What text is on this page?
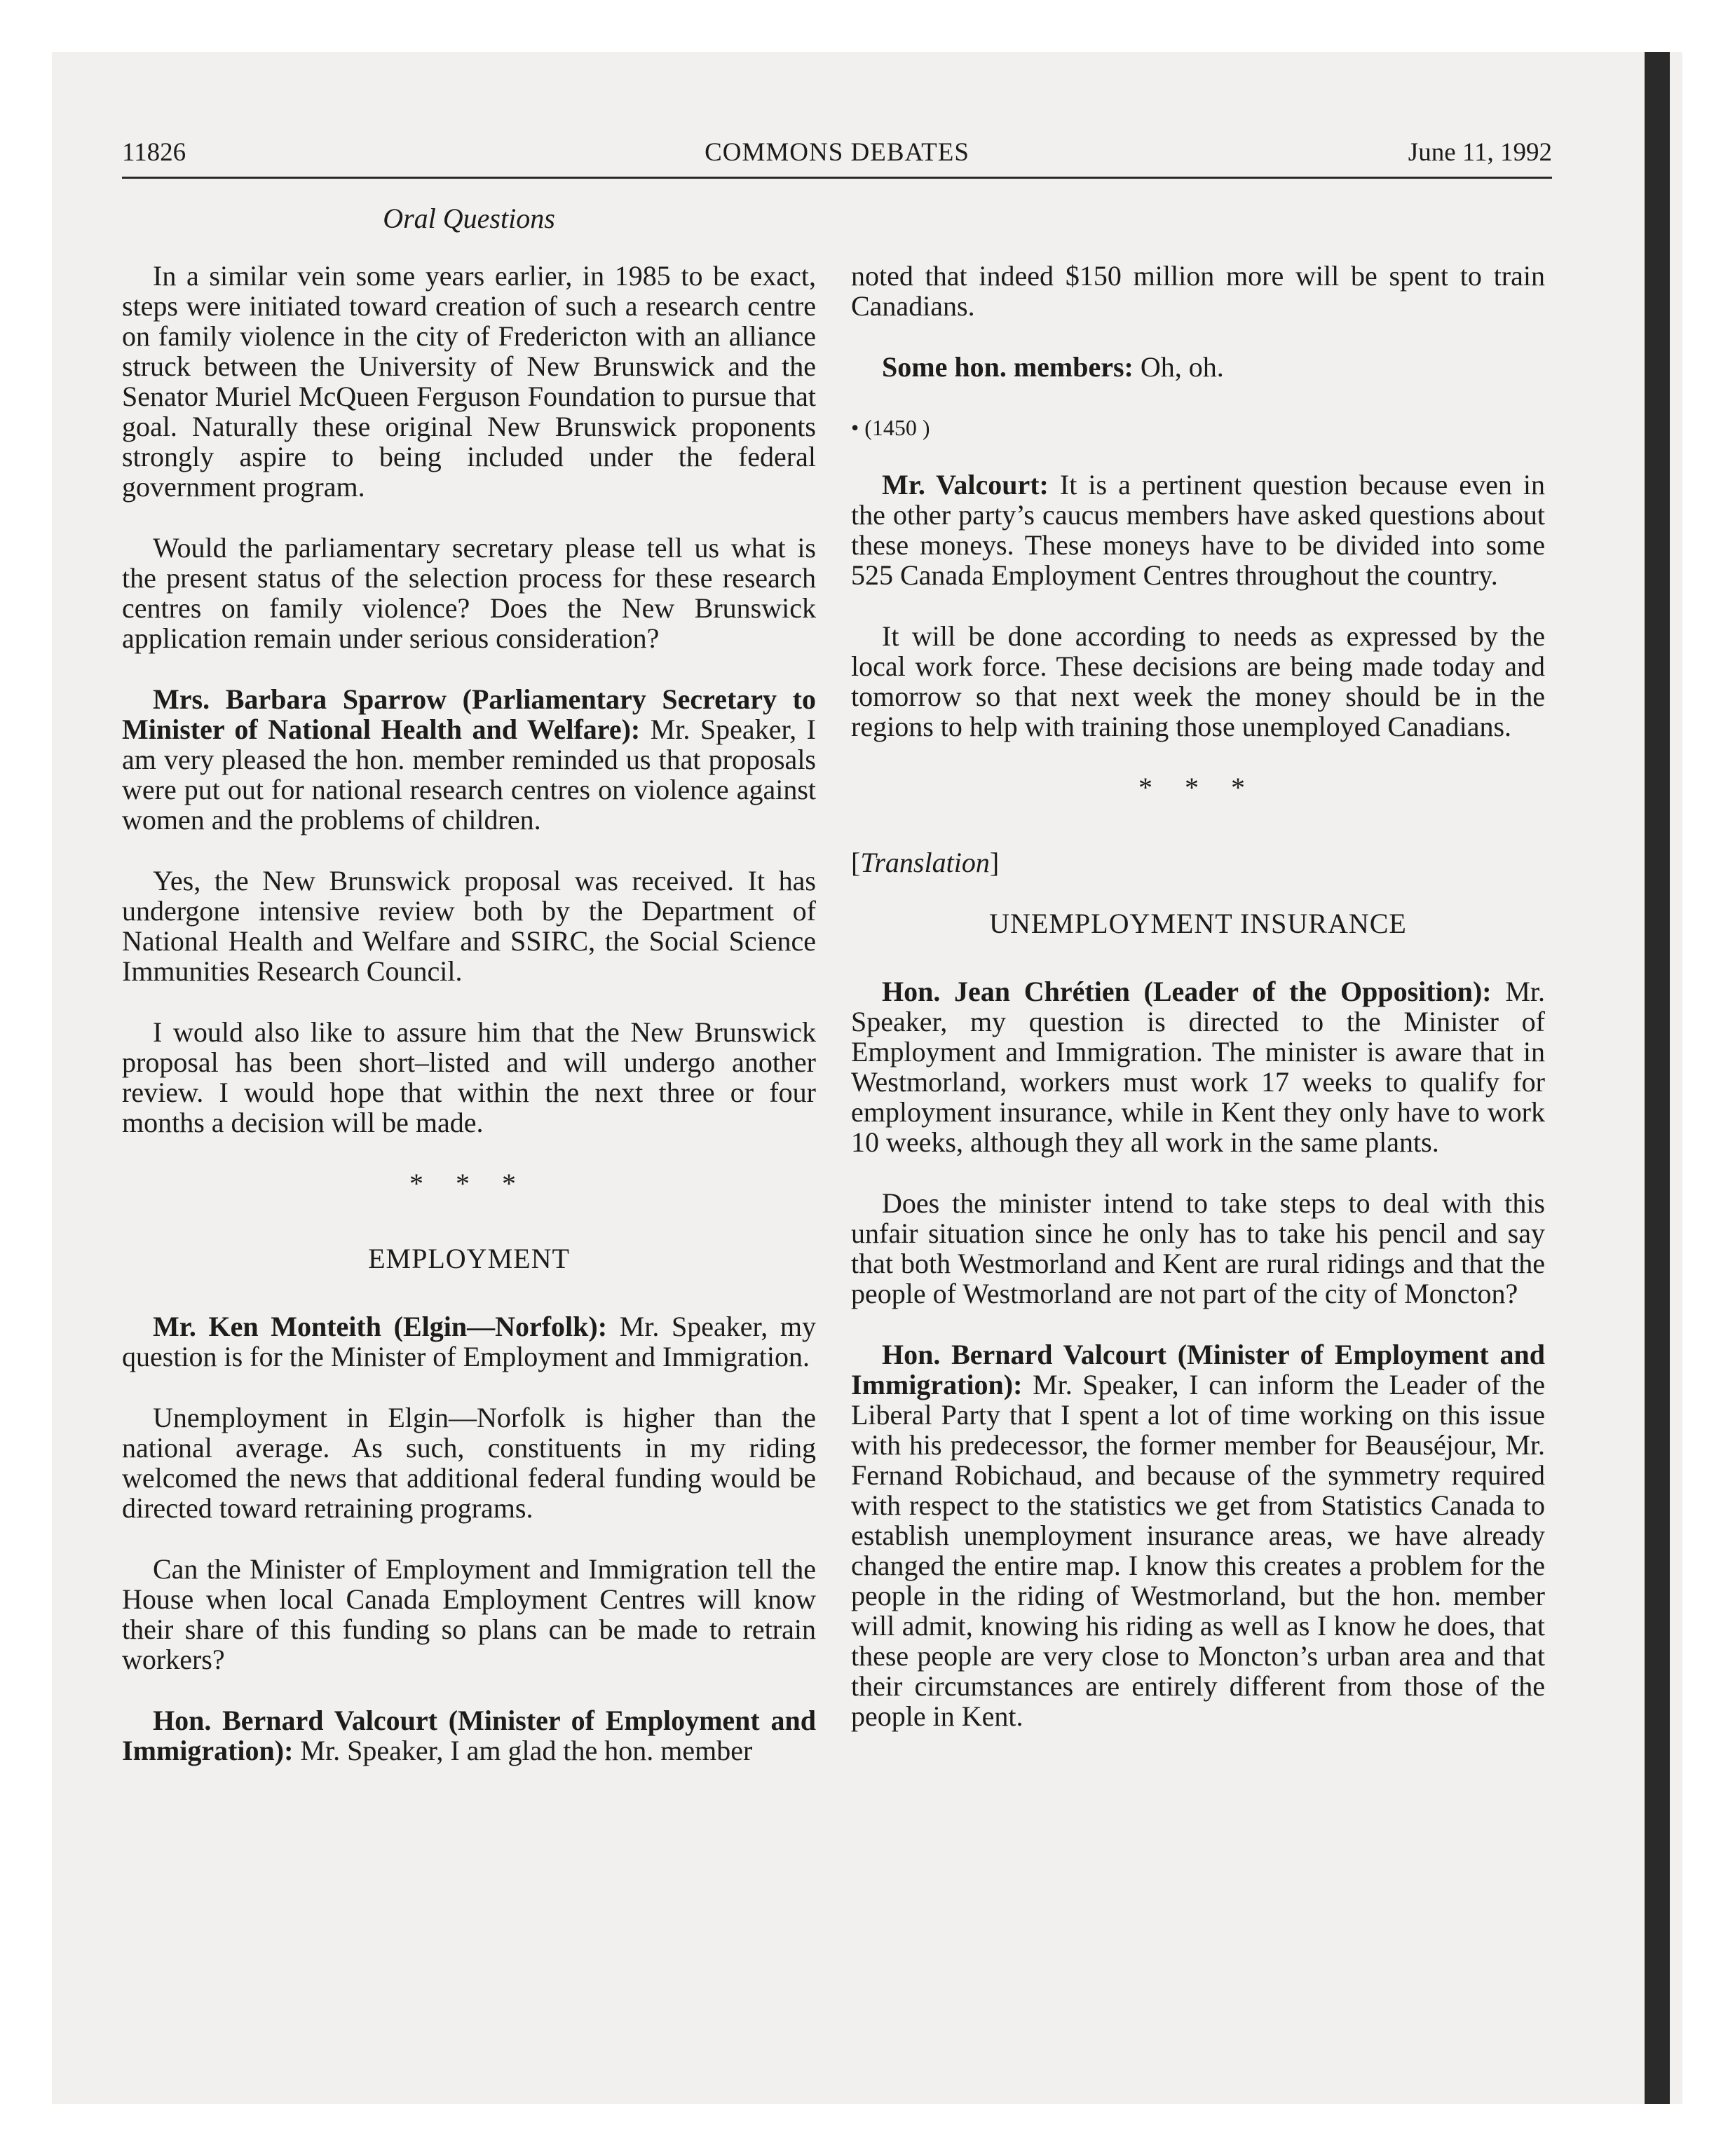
11826	COMMONS DEBATES	June 11, 1992
Oral Questions

In a similar vein some years earlier, in 1985 to be exact, steps were initiated toward creation of such a research centre on family violence in the city of Fredericton with an alliance struck between the University of New Brunswick and the Senator Muriel McQueen Ferguson Foundation to pursue that goal. Naturally these original New Brunswick proponents strongly aspire to being included under the federal government program.

Would the parliamentary secretary please tell us what is the present status of the selection process for these research centres on family violence? Does the New Brunswick application remain under serious consideration?

Mrs. Barbara Sparrow (Parliamentary Secretary to Minister of National Health and Welfare): Mr. Speaker, I am very pleased the hon. member reminded us that proposals were put out for national research centres on violence against women and the problems of children.

Yes, the New Brunswick proposal was received. It has undergone intensive review both by the Department of National Health and Welfare and SSIRC, the Social Science Immunities Research Council.

I would also like to assure him that the New Brunswick proposal has been short–listed and will undergo another review. I would hope that within the next three or four months a decision will be made.

* * *
EMPLOYMENT

Mr. Ken Monteith (Elgin—Norfolk): Mr. Speaker, my question is for the Minister of Employment and Immigration.

Unemployment in Elgin—Norfolk is higher than the national average. As such, constituents in my riding welcomed the news that additional federal funding would be directed toward retraining programs.

Can the Minister of Employment and Immigration tell the House when local Canada Employment Centres will know their share of this funding so plans can be made to retrain workers?

Hon. Bernard Valcourt (Minister of Employment and Immigration): Mr. Speaker, I am glad the hon. member

noted that indeed $150 million more will be spent to train Canadians.

Some hon. members: Oh, oh.

• (1450 )

Mr. Valcourt: It is a pertinent question because even in the other party’s caucus members have asked questions about these moneys. These moneys have to be divided into some 525 Canada Employment Centres throughout the country.

It will be done according to needs as expressed by the local work force. These decisions are being made today and tomorrow so that next week the money should be in the regions to help with training those unemployed Canadians.

* * *
[Translation]
UNEMPLOYMENT INSURANCE

Hon. Jean Chrétien (Leader of the Opposition): Mr. Speaker, my question is directed to the Minister of Employment and Immigration. The minister is aware that in Westmorland, workers must work 17 weeks to qualify for employment insurance, while in Kent they only have to work 10 weeks, although they all work in the same plants.

Does the minister intend to take steps to deal with this unfair situation since he only has to take his pencil and say that both Westmorland and Kent are rural ridings and that the people of Westmorland are not part of the city of Moncton?

Hon. Bernard Valcourt (Minister of Employment and Immigration): Mr. Speaker, I can inform the Leader of the Liberal Party that I spent a lot of time working on this issue with his predecessor, the former member for Beauséjour, Mr. Fernand Robichaud, and because of the symmetry required with respect to the statistics we get from Statistics Canada to establish unemployment insurance areas, we have already changed the entire map. I know this creates a problem for the people in the riding of Westmorland, but the hon. member will admit, knowing his riding as well as I know he does, that these people are very close to Moncton’s urban area and that their circumstances are entirely different from those of the people in Kent.
